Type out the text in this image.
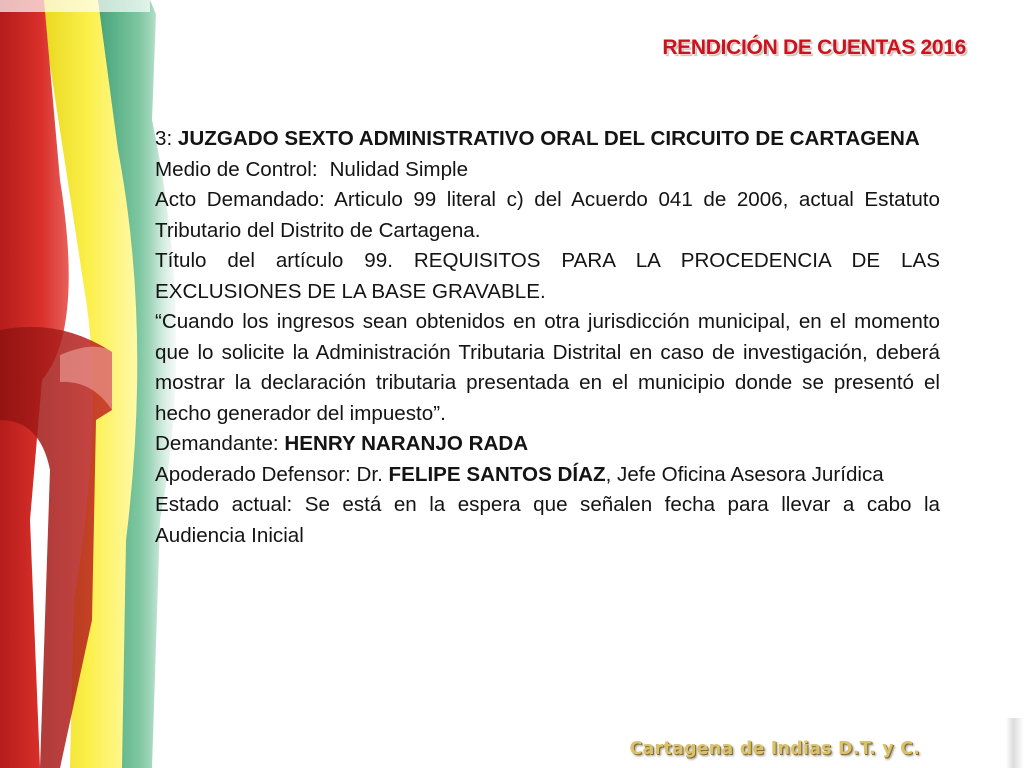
RENDICIÓN DE CUENTAS 2016

3: JUZGADO SEXTO ADMINISTRATIVO ORAL DEL CIRCUITO DE CARTAGENA

Medio de Control: Nulidad Simple

Acto Demandado: Articulo 99 literal c) del Acuerdo 041 de 2006, actual Estatuto Tributario del Distrito de Cartagena.

Título del artículo 99. REQUISITOS PARA LA PROCEDENCIA DE LAS EXCLUSIONES DE LA BASE GRAVABLE.

“Cuando los ingresos sean obtenidos en otra jurisdicción municipal, en el momento que lo solicite la Administración Tributaria Distrital en caso de investigación, deberá mostrar la declaración tributaria presentada en el municipio donde se presentó el hecho generador del impuesto”.

Demandante: HENRY NARANJO RADA

Apoderado Defensor: Dr. FELIPE SANTOS DÍAZ, Jefe Oficina Asesora Jurídica

Estado actual: Se está en la espera que señalen fecha para llevar a cabo la Audiencia Inicial

Cartagena de Indias D.T. y C.
